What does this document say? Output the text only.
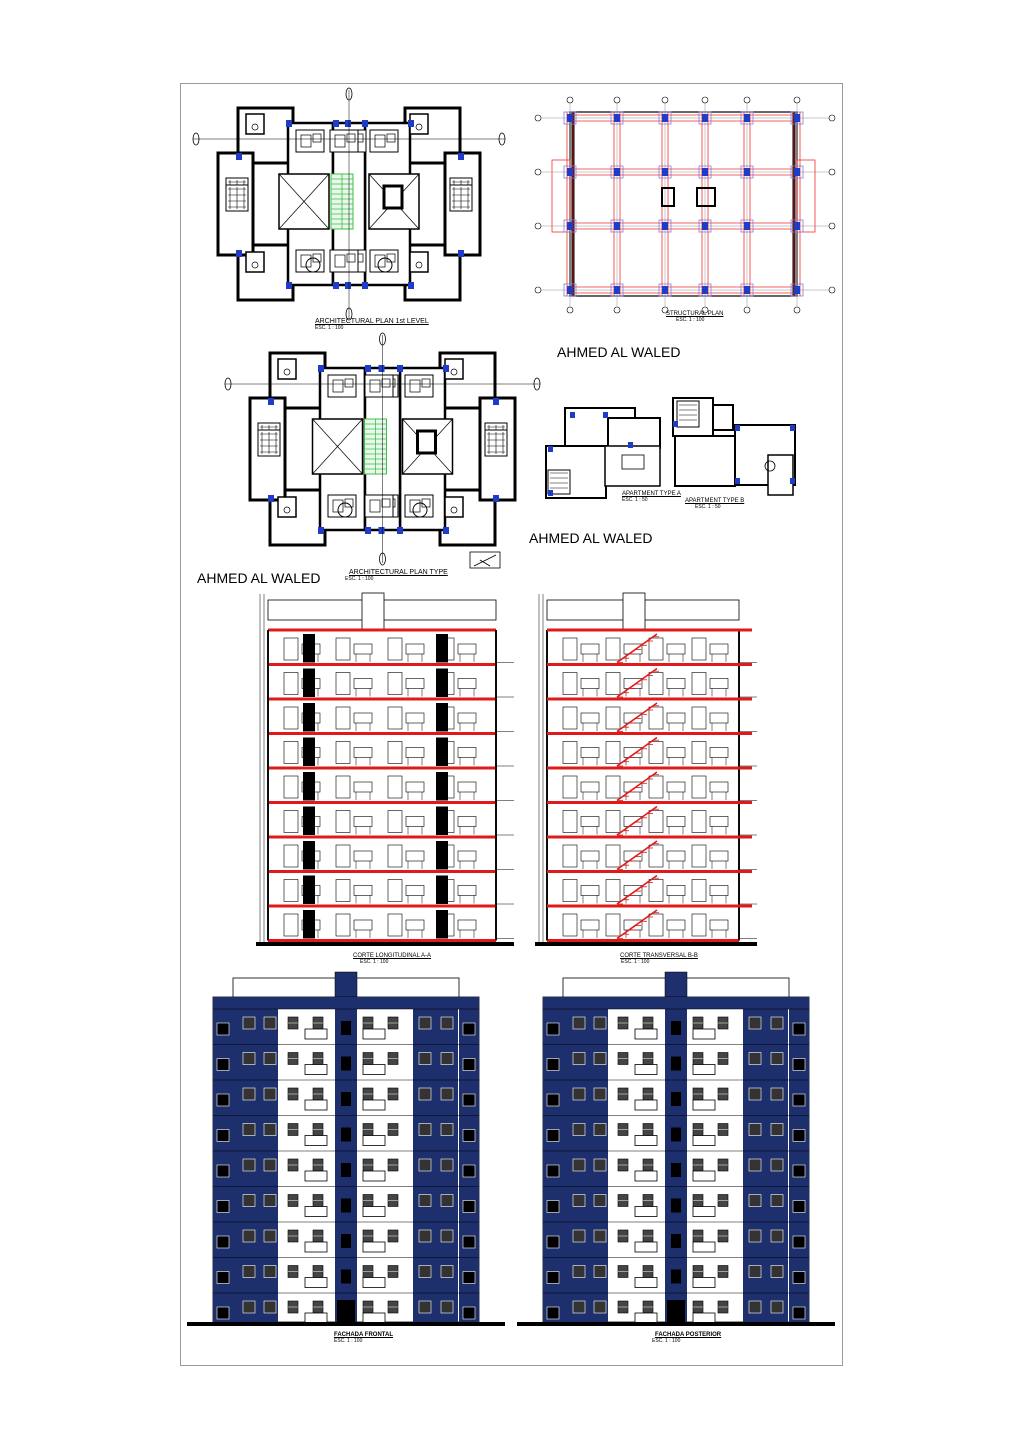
ARCHITECTURAL PLAN 1st LEVEL
ESC. 1 : 100
STRUCTURAL PLAN
ESC. 1 : 100
ARCHITECTURAL PLAN TYPE
ESC. 1 : 100
APARTMENT TYPE A
ESC. 1 : 50	APARTMENT TYPE B
ESC. 1 : 50
CORTE LONGITUDINAL A-A
ESC. 1 : 100
CORTE TRANSVERSAL B-B
ESC. 1 : 100
FACHADA FRONTAL
ESC. 1 : 100
FACHADA POSTERIOR
ESC. 1 : 100
AHMED AL WALED
AHMED AL WALED
AHMED AL WALED
